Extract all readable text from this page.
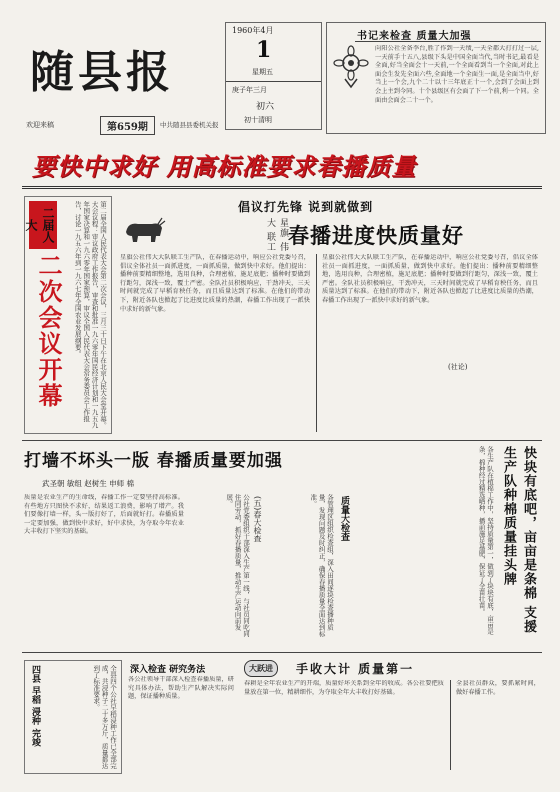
随县报
欢迎来稿	第659期	中共随县县委机关报
1960年4月
1
星期五
庚子年三月
初六
初十清明
书记来检查 质量大加强
向阳公社全备李台,胜了作到一天绩,一天全都大打打过一层,一天前手十五八,县级下头是中国全面当代,当时书记,最看是全面,好当全面会十一天前,一个全面看到当一个全面,对此上面会生发先全面六些,全面地一个全面生一面,是全面当中,好当上一个会,九个二十以十三年底正十一个,会到了会面上到会上主到今同。十个县级区有会面了下一个前,利一个同。全面由会面会二十一个。
要快中求好 用高标准要求春播质量
二届人大
二次会议开幕	第二届全国人民代表大会第二次会议，三月三十日下午在北京人民大会堂开幕。大会议程：审议政府工作报告，审查和批准一九六零年国民经济计划和一九五九年国家决算和一九六零年国家预算，审议全国人民代表大会常务委员会工作报告，讨论一九五六年到一九六七年全国农业发展纲要。	倡议打先锋 说到就做到
星旗 伟大 联工 春播进度快质量好
星旗公社伟大大队联工生产队，在春播运动中，响应公社党委号召，倡议全体社员一面抓进度，一面抓质量，做到快中求好。他们提出：播种前要精细整地，选用良种，合理密植，施足底肥；播种时要做到行距匀，深浅一致，覆土严密。全队社员积极响应，干劲冲天，三天时间就完成了早稻育秧任务，而且质量达到了标准。在他们的带动下，附近各队也掀起了比进度比质量的热潮，春播工作出现了一派快中求好的新气象。
星旗公社伟大大队联工生产队，在春播运动中，响应公社党委号召，倡议全体社员一面抓进度，一面抓质量，做到快中求好。他们提出：播种前要精细整地，选用良种，合理密植，施足底肥；播种时要做到行距匀，深浅一致，覆土严密。全队社员积极响应，干劲冲天，三天时间就完成了早稻育秧任务，而且质量达到了标准。在他们的带动下，附近各队也掀起了比进度比质量的热潮，春播工作出现了一派快中求好的新气象。
(社论)
打墙不坏头一版 春播质量要加强
武圣朝 敏组 赵树生 申师 棉
质量是农业生产的生命线，春播工作一定要坚持高标准。有些地方只图快不求好，结果返工浪费，影响了增产。我们要像打墙一样，头一版打好了，后面就好打。春播质量一定要加强，做到快中求好，好中求快，为夺取今年农业大丰收打下坚实的基础。	各管理区组织检查组，深入田间逐块检查播种质量，发现问题及时纠正，确保春播质量全面达到标准。	质量大检查
公社党委组织干部深入生产第一线，与社员同吃同住同劳动，抓好春播质量，推动生产运动向前发展。	(五)春大检查	各生产队在植棉工作中，坚持质量第一，做到了块块有底，亩亩是条，棉种经过精选晒种，播前施足基肥，保证了全苗壮苗。	快块有底吧，亩亩是条棉 支援生产队种棉质量挂头牌
四县 早稻 浸种 完竣	全县四个公社早稻浸种工作已全部完成，共浸种子二十多万斤，质量都达到了标准要求。	深入检查 研究务法
各公社领导干部深入检查春播质量，研究具体办法，帮助生产队解决实际问题，保证播种质量。
大跃进	手收大计 质量第一
春耕是全年农业生产的开端，质量好坏关系到全年的收成。各公社要把质量放在第一位，精耕细作，为夺取全年大丰收打好基础。
全县社员群众，要抓紧时间，做好春播工作。
